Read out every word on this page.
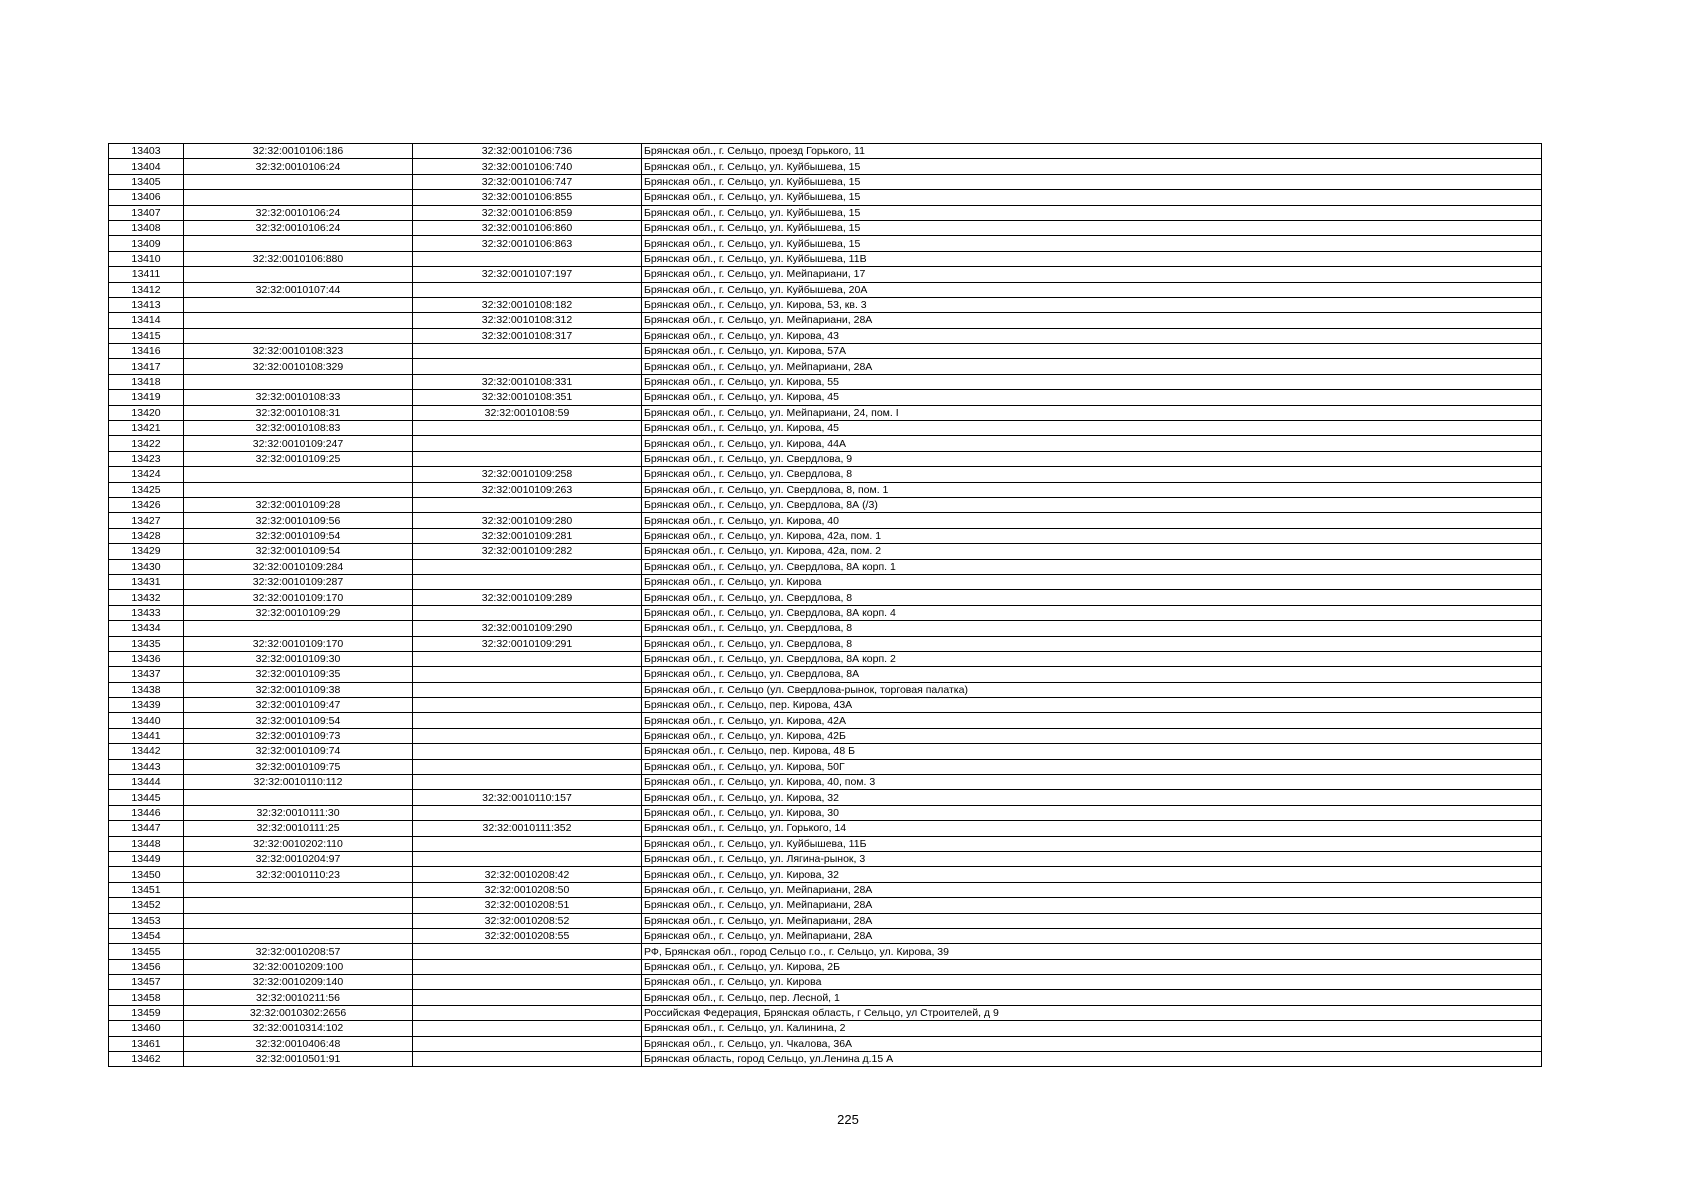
13403	32:32:0010106:186	32:32:0010106:736	Брянская обл., г. Сельцо, проезд Горького, 11
13404	32:32:0010106:24	32:32:0010106:740	Брянская обл., г. Сельцо, ул. Куйбышева, 15
13405		32:32:0010106:747	Брянская обл., г. Сельцо, ул. Куйбышева, 15
13406		32:32:0010106:855	Брянская обл., г. Сельцо, ул. Куйбышева, 15
13407	32:32:0010106:24	32:32:0010106:859	Брянская обл., г. Сельцо, ул. Куйбышева, 15
13408	32:32:0010106:24	32:32:0010106:860	Брянская обл., г. Сельцо, ул. Куйбышева, 15
13409		32:32:0010106:863	Брянская обл., г. Сельцо, ул. Куйбышева, 15
13410	32:32:0010106:880		Брянская обл., г. Сельцо, ул. Куйбышева, 11В
13411		32:32:0010107:197	Брянская обл., г. Сельцо, ул. Мейпариани, 17
13412	32:32:0010107:44		Брянская обл., г. Сельцо, ул. Куйбышева, 20А
13413		32:32:0010108:182	Брянская обл., г. Сельцо, ул. Кирова, 53, кв. 3
13414		32:32:0010108:312	Брянская обл., г. Сельцо, ул. Мейпариани, 28А
13415		32:32:0010108:317	Брянская обл., г. Сельцо, ул. Кирова, 43
13416	32:32:0010108:323		Брянская обл., г. Сельцо, ул. Кирова, 57А
13417	32:32:0010108:329		Брянская обл., г. Сельцо, ул. Мейпариани, 28А
13418		32:32:0010108:331	Брянская обл., г. Сельцо, ул. Кирова, 55
13419	32:32:0010108:33	32:32:0010108:351	Брянская обл., г. Сельцо, ул. Кирова, 45
13420	32:32:0010108:31	32:32:0010108:59	Брянская обл., г. Сельцо, ул. Мейпариани, 24, пом. I
13421	32:32:0010108:83		Брянская обл., г. Сельцо, ул. Кирова, 45
13422	32:32:0010109:247		Брянская обл., г. Сельцо, ул. Кирова, 44А
13423	32:32:0010109:25		Брянская обл., г. Сельцо, ул. Свердлова, 9
13424		32:32:0010109:258	Брянская обл., г. Сельцо, ул. Свердлова, 8
13425		32:32:0010109:263	Брянская обл., г. Сельцо, ул. Свердлова, 8, пом. 1
13426	32:32:0010109:28		Брянская обл., г. Сельцо, ул. Свердлова, 8А (/3)
13427	32:32:0010109:56	32:32:0010109:280	Брянская обл., г. Сельцо, ул. Кирова, 40
13428	32:32:0010109:54	32:32:0010109:281	Брянская обл., г. Сельцо, ул. Кирова, 42а, пом. 1
13429	32:32:0010109:54	32:32:0010109:282	Брянская обл., г. Сельцо, ул. Кирова, 42а, пом. 2
13430	32:32:0010109:284		Брянская обл., г. Сельцо, ул. Свердлова, 8А корп. 1
13431	32:32:0010109:287		Брянская обл., г. Сельцо, ул. Кирова
13432	32:32:0010109:170	32:32:0010109:289	Брянская обл., г. Сельцо, ул. Свердлова, 8
13433	32:32:0010109:29		Брянская обл., г. Сельцо, ул. Свердлова, 8А корп. 4
13434		32:32:0010109:290	Брянская обл., г. Сельцо, ул. Свердлова, 8
13435	32:32:0010109:170	32:32:0010109:291	Брянская обл., г. Сельцо, ул. Свердлова, 8
13436	32:32:0010109:30		Брянская обл., г. Сельцо, ул. Свердлова, 8А корп. 2
13437	32:32:0010109:35		Брянская обл., г. Сельцо, ул. Свердлова, 8А
13438	32:32:0010109:38		Брянская обл., г. Сельцо (ул. Свердлова-рынок, торговая палатка)
13439	32:32:0010109:47		Брянская обл., г. Сельцо, пер. Кирова, 43А
13440	32:32:0010109:54		Брянская обл., г. Сельцо, ул. Кирова, 42А
13441	32:32:0010109:73		Брянская обл., г. Сельцо, ул. Кирова, 42Б
13442	32:32:0010109:74		Брянская обл., г. Сельцо, пер. Кирова, 48 Б
13443	32:32:0010109:75		Брянская обл., г. Сельцо, ул. Кирова, 50Г
13444	32:32:0010110:112		Брянская обл., г. Сельцо, ул. Кирова, 40, пом. 3
13445		32:32:0010110:157	Брянская обл., г. Сельцо, ул. Кирова, 32
13446	32:32:0010111:30		Брянская обл., г. Сельцо, ул. Кирова, 30
13447	32:32:0010111:25	32:32:0010111:352	Брянская обл., г. Сельцо, ул. Горького, 14
13448	32:32:0010202:110		Брянская обл., г. Сельцо, ул. Куйбышева, 11Б
13449	32:32:0010204:97		Брянская обл., г. Сельцо, ул. Лягина-рынок, 3
13450	32:32:0010110:23	32:32:0010208:42	Брянская обл., г. Сельцо, ул. Кирова, 32
13451		32:32:0010208:50	Брянская обл., г. Сельцо, ул. Мейпариани, 28А
13452		32:32:0010208:51	Брянская обл., г. Сельцо, ул. Мейпариани, 28А
13453		32:32:0010208:52	Брянская обл., г. Сельцо, ул. Мейпариани, 28А
13454		32:32:0010208:55	Брянская обл., г. Сельцо, ул. Мейпариани, 28А
13455	32:32:0010208:57		РФ, Брянская обл., город Сельцо г.о., г. Сельцо, ул. Кирова, 39
13456	32:32:0010209:100		Брянская обл., г. Сельцо, ул. Кирова, 2Б
13457	32:32:0010209:140		Брянская обл., г. Сельцо, ул. Кирова
13458	32:32:0010211:56		Брянская обл., г. Сельцо, пер. Лесной, 1
13459	32:32:0010302:2656		Российская Федерация, Брянская область, г Сельцо, ул Строителей, д 9
13460	32:32:0010314:102		Брянская обл., г. Сельцо, ул. Калинина, 2
13461	32:32:0010406:48		Брянская обл., г. Сельцо, ул. Чкалова, 36А
13462	32:32:0010501:91		Брянская область, город Сельцо, ул.Ленина д.15 А
225
